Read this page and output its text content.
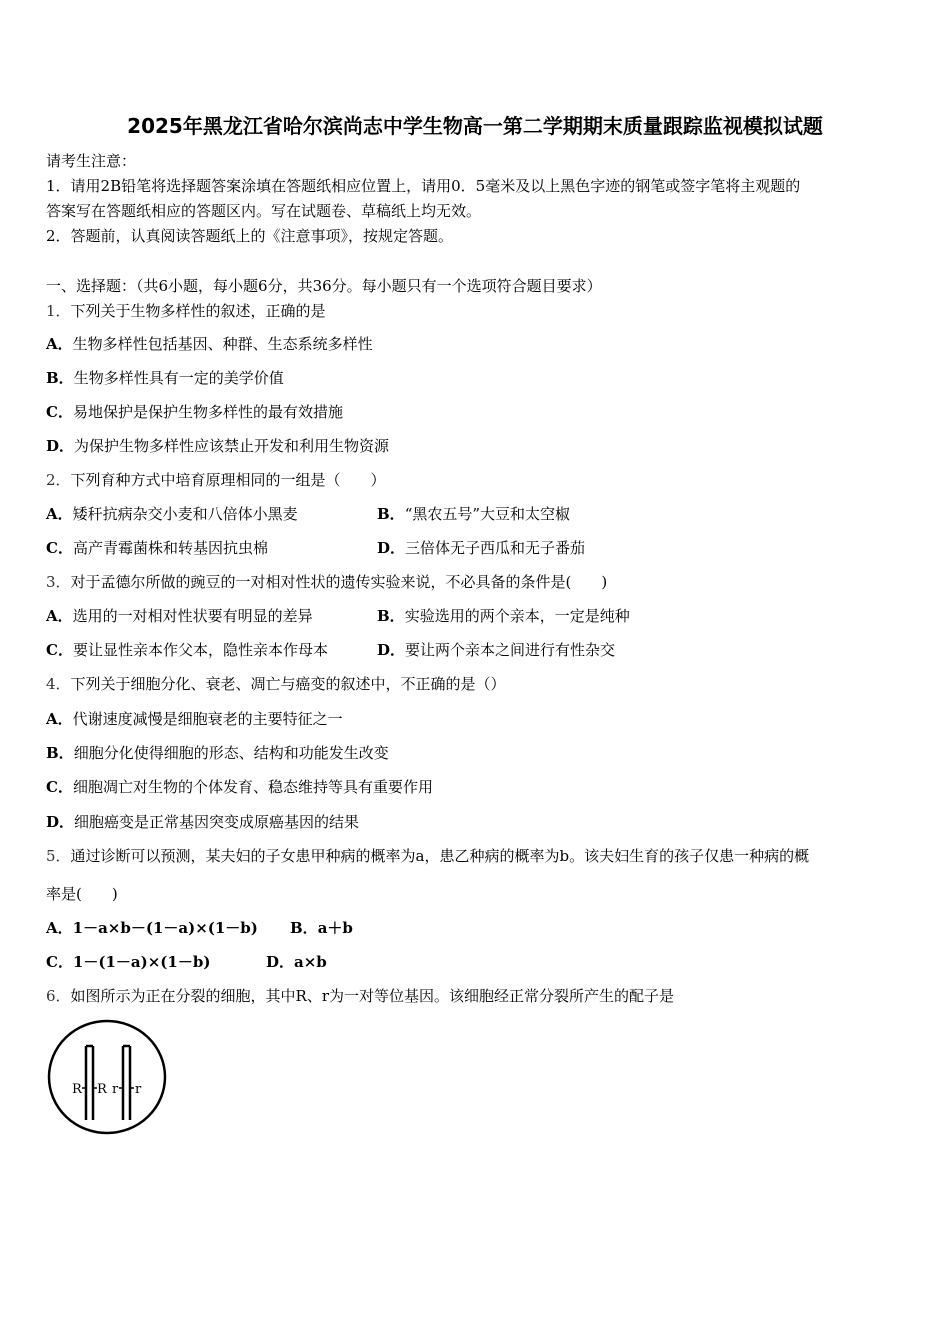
2025年黑龙江省哈尔滨尚志中学生物高一第二学期期末质量跟踪监视模拟试题
请考生注意：
1．请用2B铅笔将选择题答案涂填在答题纸相应位置上，请用0．5毫米及以上黑色字迹的钢笔或签字笔将主观题的
答案写在答题纸相应的答题区内。写在试题卷、草稿纸上均无效。
2．答题前，认真阅读答题纸上的《注意事项》，按规定答题。
一、选择题：（共6小题，每小题6分，共36分。每小题只有一个选项符合题目要求）
1．下列关于生物多样性的叙述，正确的是
A．生物多样性包括基因、种群、生态系统多样性
B．生物多样性具有一定的美学价值
C．易地保护是保护生物多样性的最有效措施
D．为保护生物多样性应该禁止开发和利用生物资源
2．下列育种方式中培育原理相同的一组是（　　）
A．矮秆抗病杂交小麦和八倍体小黑麦	B．“黑农五号”大豆和太空椒
C．高产青霉菌株和转基因抗虫棉	D．三倍体无子西瓜和无子番茄
3．对于孟德尔所做的豌豆的一对相对性状的遗传实验来说，不必具备的条件是(　　)
A．选用的一对相对性状要有明显的差异	B．实验选用的两个亲本，一定是纯种
C．要让显性亲本作父本，隐性亲本作母本	D．要让两个亲本之间进行有性杂交
4．下列关于细胞分化、衰老、凋亡与癌变的叙述中，不正确的是（）
A．代谢速度减慢是细胞衰老的主要特征之一
B．细胞分化使得细胞的形态、结构和功能发生改变
C．细胞凋亡对生物的个体发育、稳态维持等具有重要作用
D．细胞癌变是正常基因突变成原癌基因的结果
5．通过诊断可以预测，某夫妇的子女患甲种病的概率为a，患乙种病的概率为b。该夫妇生育的孩子仅患一种病的概
率是(　　)
A．1－a×b－(1－a)×(1－b) B．a＋b
C．1－(1－a)×(1－b)	D．a×b
6．如图所示为正在分裂的细胞，其中R、r为一对等位基因。该细胞经正常分裂所产生的配子是
R R r r
